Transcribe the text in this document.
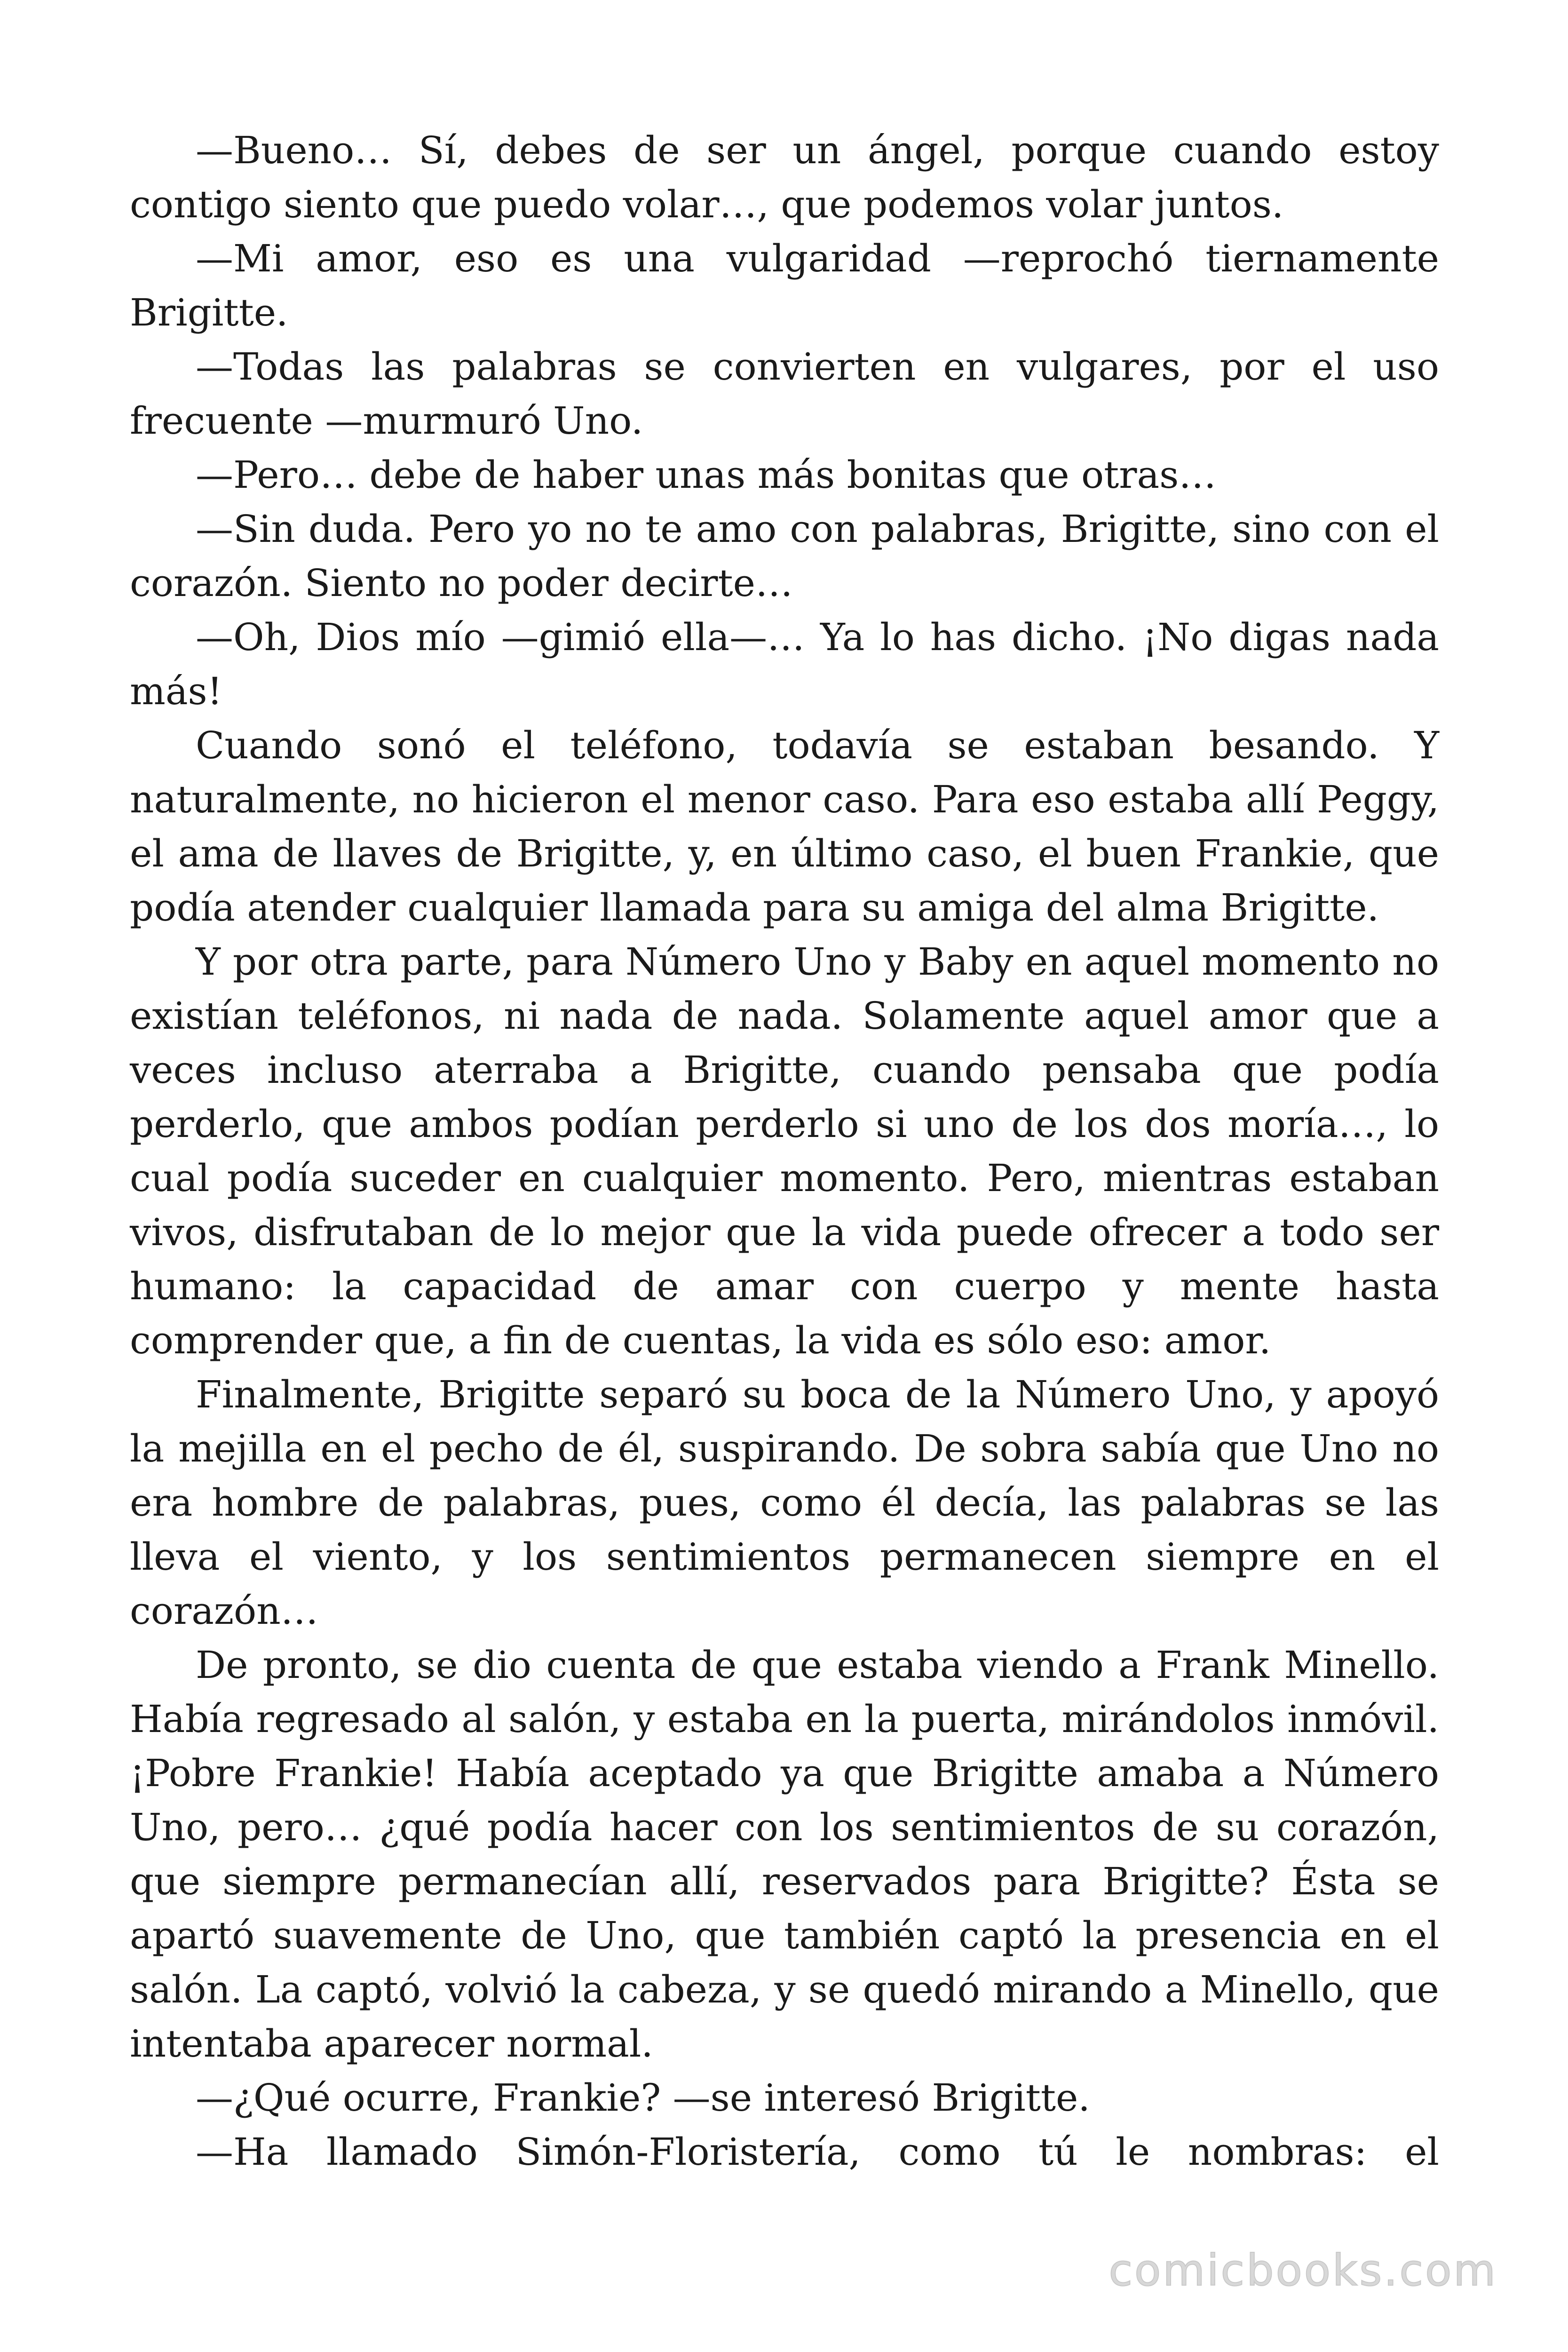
—Bueno… Sí, debes de ser un ángel, porque cuando estoy contigo siento que puedo volar…, que podemos volar juntos.

—Mi amor, eso es una vulgaridad —reprochó tiernamente Brigitte.

—Todas las palabras se convierten en vulgares, por el uso frecuente —murmuró Uno.

—Pero… debe de haber unas más bonitas que otras…

—Sin duda. Pero yo no te amo con palabras, Brigitte, sino con el corazón. Siento no poder decirte…

—Oh, Dios mío —gimió ella—… Ya lo has dicho. ¡No digas nada más!

Cuando sonó el teléfono, todavía se estaban besando. Y naturalmente, no hicieron el menor caso. Para eso estaba allí Peggy, el ama de llaves de Brigitte, y, en último caso, el buen Frankie, que podía atender cualquier llamada para su amiga del alma Brigitte.

Y por otra parte, para Número Uno y Baby en aquel momento no existían teléfonos, ni nada de nada. Solamente aquel amor que a veces incluso aterraba a Brigitte, cuando pensaba que podía perderlo, que ambos podían perderlo si uno de los dos moría…, lo cual podía suceder en cualquier momento. Pero, mientras estaban vivos, disfrutaban de lo mejor que la vida puede ofrecer a todo ser humano: la capacidad de amar con cuerpo y mente hasta comprender que, a fin de cuentas, la vida es sólo eso: amor.

Finalmente, Brigitte separó su boca de la Número Uno, y apoyó la mejilla en el pecho de él, suspirando. De sobra sabía que Uno no era hombre de palabras, pues, como él decía, las palabras se las lleva el viento, y los sentimientos permanecen siempre en el corazón…

De pronto, se dio cuenta de que estaba viendo a Frank Minello. Había regresado al salón, y estaba en la puerta, mirándolos inmóvil. ¡Pobre Frankie! Había aceptado ya que Brigitte amaba a Número Uno, pero… ¿qué podía hacer con los sentimientos de su corazón, que siempre permanecían allí, reservados para Brigitte? Ésta se apartó suavemente de Uno, que también captó la presencia en el salón. La captó, volvió la cabeza, y se quedó mirando a Minello, que intentaba aparecer normal.

—¿Qué ocurre, Frankie? —se interesó Brigitte.

—Ha llamado Simón-Floristería, como tú le nombras: el

comicbooks.com
